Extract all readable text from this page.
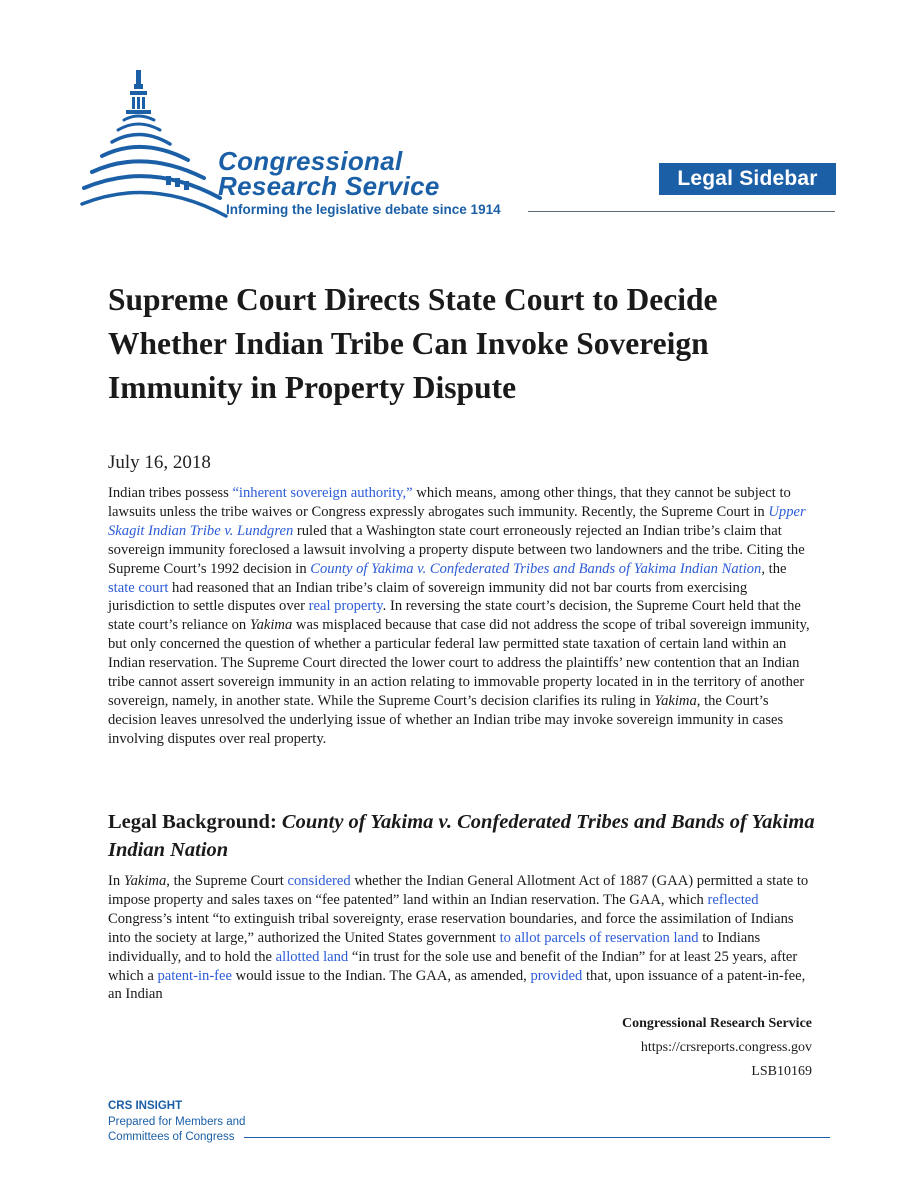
Congressional
Research Service
Informing the legislative debate since 1914
Legal Sidebar
Supreme Court Directs State Court to Decide Whether Indian Tribe Can Invoke Sovereign Immunity in Property Dispute
July 16, 2018

Indian tribes possess “inherent sovereign authority,” which means, among other things, that they cannot be subject to lawsuits unless the tribe waives or Congress expressly abrogates such immunity. Recently, the Supreme Court in Upper Skagit Indian Tribe v. Lundgren ruled that a Washington state court erroneously rejected an Indian tribe’s claim that sovereign immunity foreclosed a lawsuit involving a property dispute between two landowners and the tribe. Citing the Supreme Court’s 1992 decision in County of Yakima v. Confederated Tribes and Bands of Yakima Indian Nation, the state court had reasoned that an Indian tribe’s claim of sovereign immunity did not bar courts from exercising jurisdiction to settle disputes over real property. In reversing the state court’s decision, the Supreme Court held that the state court’s reliance on Yakima was misplaced because that case did not address the scope of tribal sovereign immunity, but only concerned the question of whether a particular federal law permitted state taxation of certain land within an Indian reservation. The Supreme Court directed the lower court to address the plaintiffs’ new contention that an Indian tribe cannot assert sovereign immunity in an action relating to immovable property located in in the territory of another sovereign, namely, in another state. While the Supreme Court’s decision clarifies its ruling in Yakima, the Court’s decision leaves unresolved the underlying issue of whether an Indian tribe may invoke sovereign immunity in cases involving disputes over real property.

Legal Background: County of Yakima v. Confederated Tribes and Bands of Yakima Indian Nation

In Yakima, the Supreme Court considered whether the Indian General Allotment Act of 1887 (GAA) permitted a state to impose property and sales taxes on “fee patented” land within an Indian reservation. The GAA, which reflected Congress’s intent “to extinguish tribal sovereignty, erase reservation boundaries, and force the assimilation of Indians into the society at large,” authorized the United States government to allot parcels of reservation land to Indians individually, and to hold the allotted land “in trust for the sole use and benefit of the Indian” for at least 25 years, after which a patent-in-fee would issue to the Indian. The GAA, as amended, provided that, upon issuance of a patent-in-fee, an Indian

Congressional Research Service
https://crsreports.congress.gov
LSB10169
CRS INSIGHT
Prepared for Members and
Committees of Congress
